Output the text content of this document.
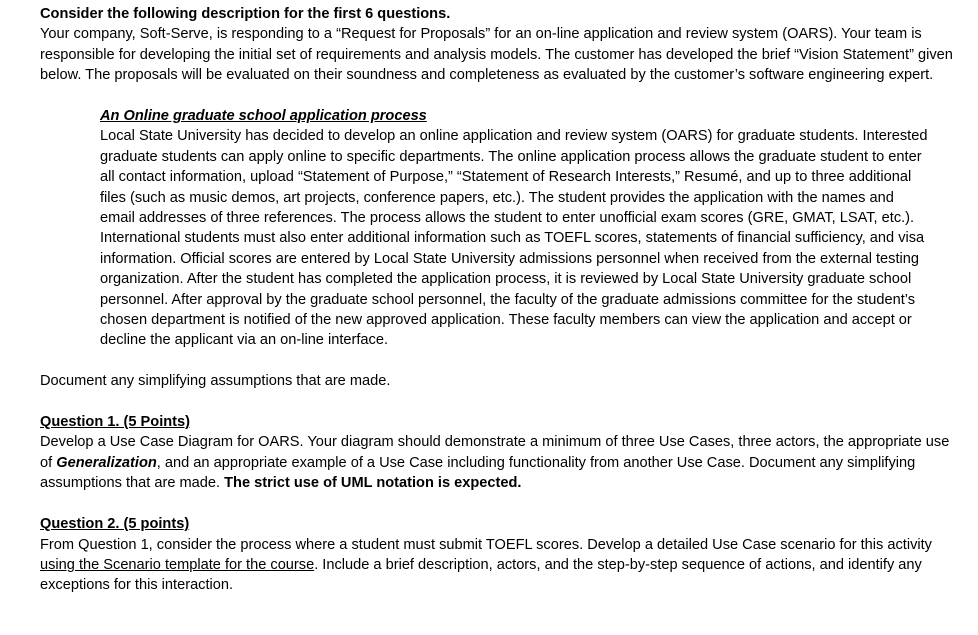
Consider the following description for the first 6 questions.

Your company, Soft-Serve, is responding to a “Request for Proposals” for an on-line application and review system (OARS). Your team is responsible for developing the initial set of requirements and analysis models. The customer has developed the brief “Vision Statement” given below. The proposals will be evaluated on their soundness and completeness as evaluated by the customer’s software engineering expert.

An Online graduate school application process

Local State University has decided to develop an online application and review system (OARS) for graduate students. Interested graduate students can apply online to specific departments. The online application process allows the graduate student to enter all contact information, upload “Statement of Purpose,” “Statement of Research Interests,” Resumé, and up to three additional files (such as music demos, art projects, conference papers, etc.). The student provides the application with the names and email addresses of three references. The process allows the student to enter unofficial exam scores (GRE, GMAT, LSAT, etc.). International students must also enter additional information such as TOEFL scores, statements of financial sufficiency, and visa information. Official scores are entered by Local State University admissions personnel when received from the external testing organization. After the student has completed the application process, it is reviewed by Local State University graduate school personnel. After approval by the graduate school personnel, the faculty of the graduate admissions committee for the student’s chosen department is notified of the new approved application. These faculty members can view the application and accept or decline the applicant via an on-line interface.

Document any simplifying assumptions that are made.

Question 1. (5 Points)

Develop a Use Case Diagram for OARS. Your diagram should demonstrate a minimum of three Use Cases, three actors, the appropriate use of Generalization, and an appropriate example of a Use Case including functionality from another Use Case. Document any simplifying assumptions that are made. The strict use of UML notation is expected.

Question 2. (5 points)

From Question 1, consider the process where a student must submit TOEFL scores. Develop a detailed Use Case scenario for this activity using the Scenario template for the course. Include a brief description, actors, and the step-by-step sequence of actions, and identify any exceptions for this interaction.
